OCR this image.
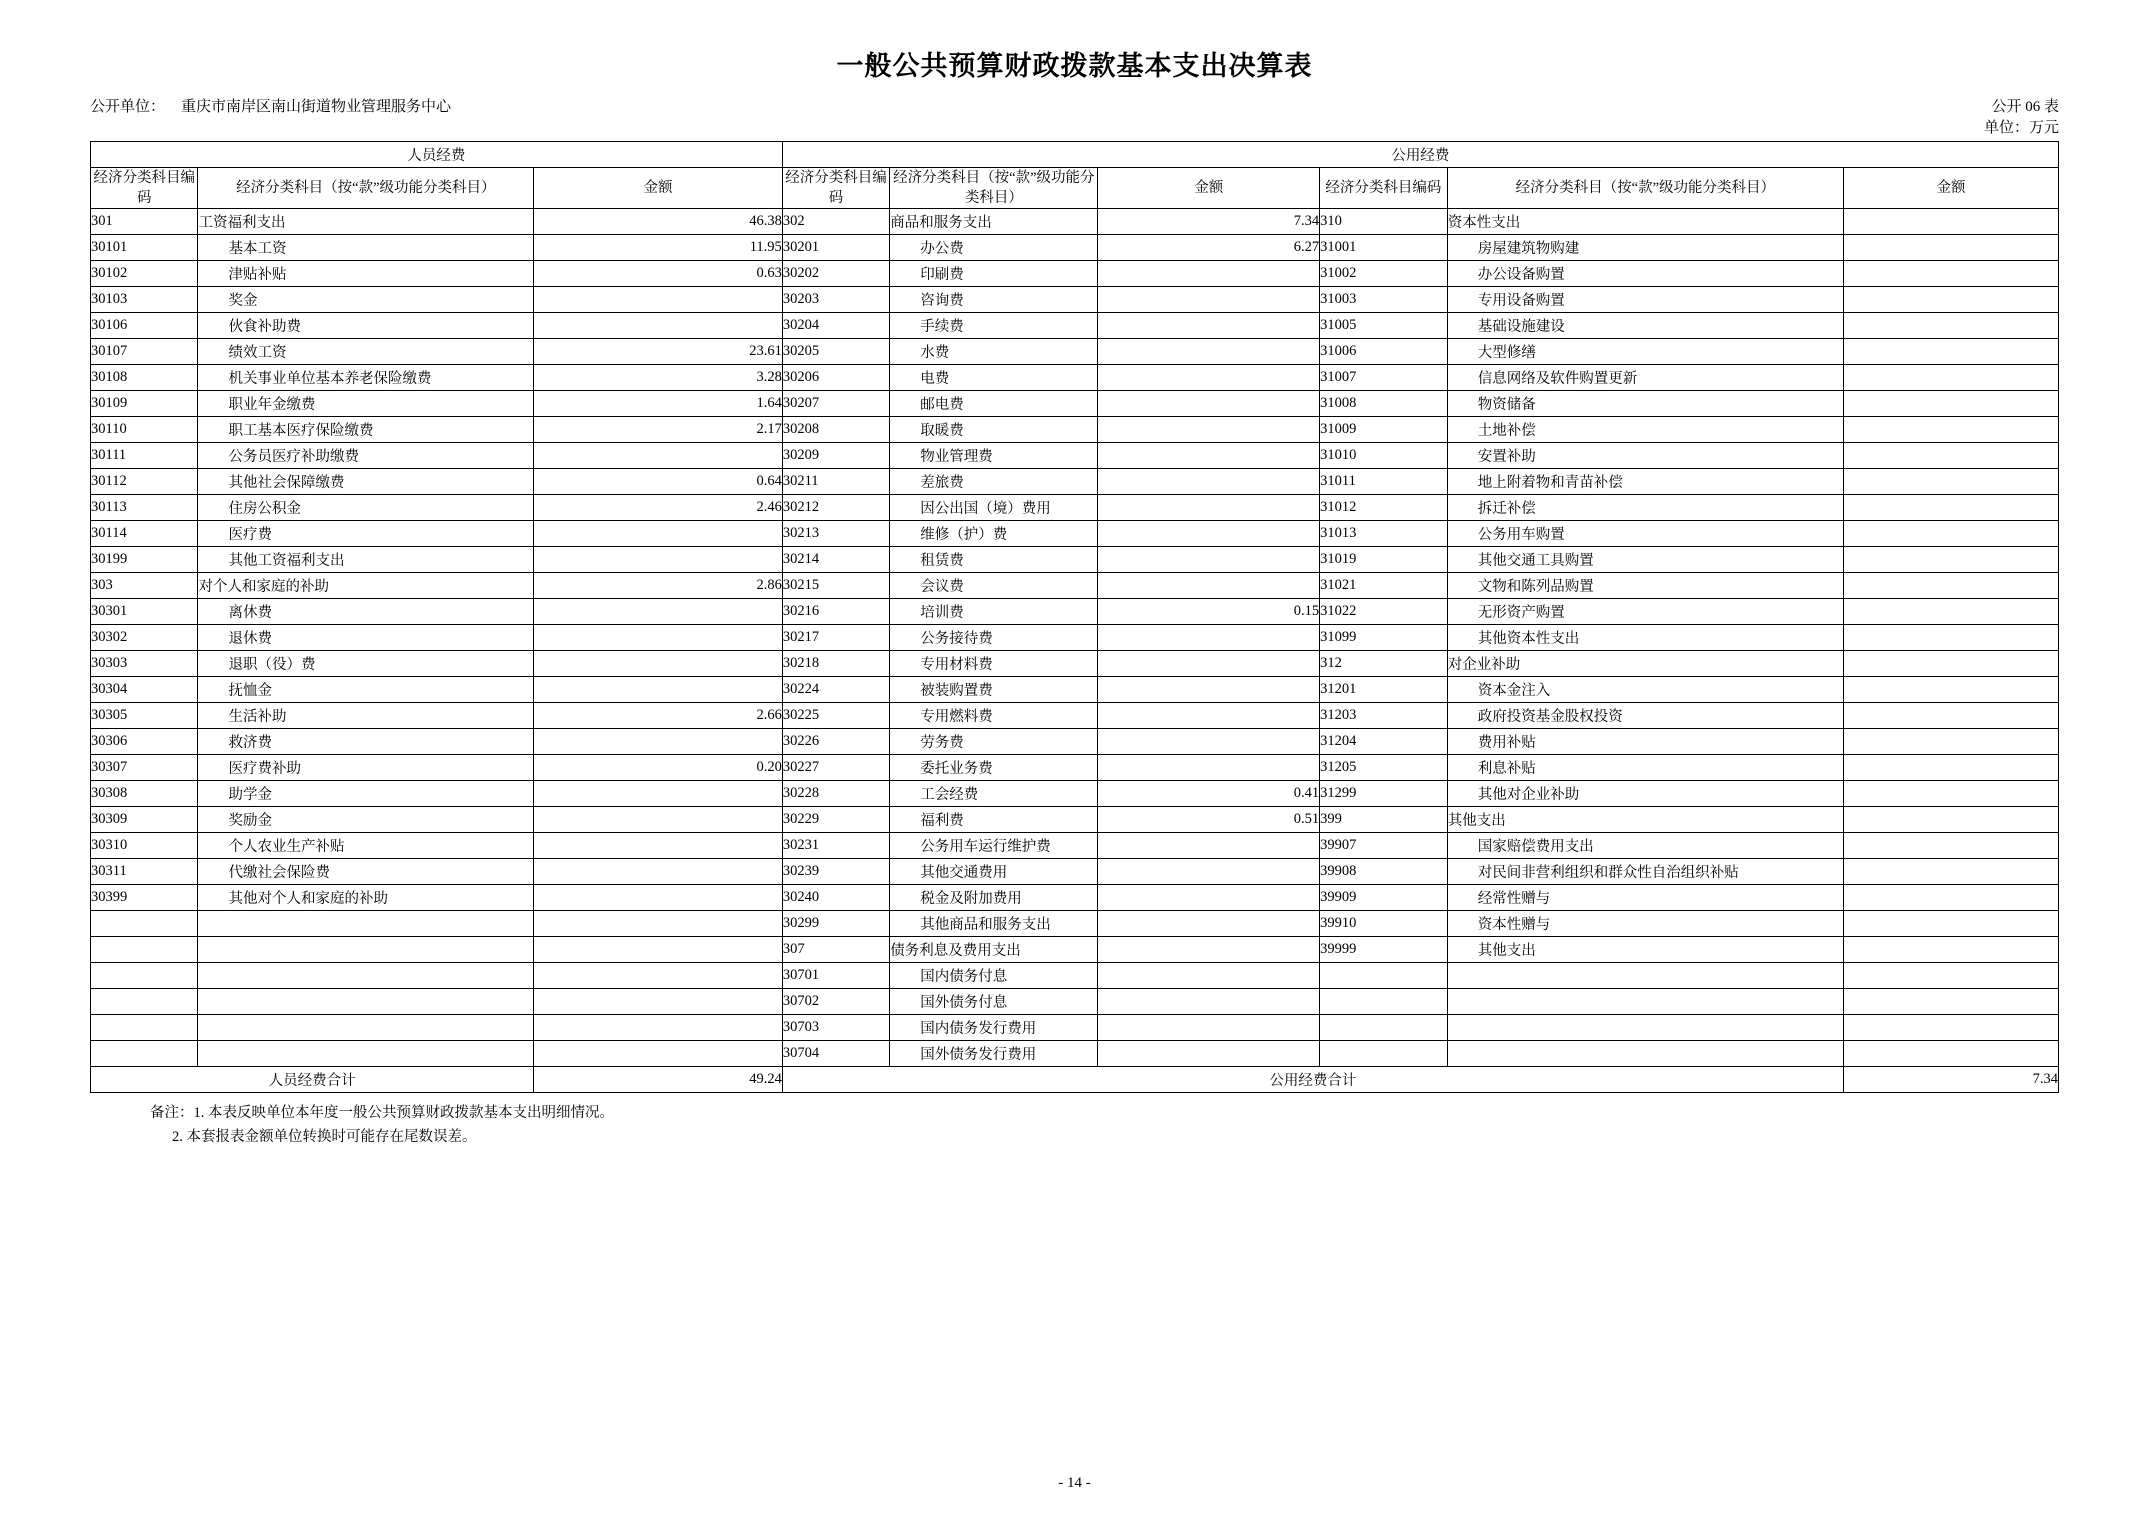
一般公共预算财政拨款基本支出决算表
公开单位： 重庆市南岸区南山街道物业管理服务中心	公开 06 表
单位：万元
人员经费			公用经费					
经济分类科目编码	经济分类科目（按“款”级功能分类科目）	金额	经济分类科目编码	经济分类科目（按“款”级功能分类科目）	金额	经济分类科目编码	经济分类科目（按“款”级功能分类科目）	金额
301	工资福利支出	46.38	302	商品和服务支出	7.34	310	资本性支出	
30101	基本工资	11.95	30201	办公费	6.27	31001	房屋建筑物购建	
30102	津贴补贴	0.63	30202	印刷费		31002	办公设备购置	
30103	奖金		30203	咨询费		31003	专用设备购置	
30106	伙食补助费		30204	手续费		31005	基础设施建设	
30107	绩效工资	23.61	30205	水费		31006	大型修缮	
30108	机关事业单位基本养老保险缴费	3.28	30206	电费		31007	信息网络及软件购置更新	
30109	职业年金缴费	1.64	30207	邮电费		31008	物资储备	
30110	职工基本医疗保险缴费	2.17	30208	取暖费		31009	土地补偿	
30111	公务员医疗补助缴费		30209	物业管理费		31010	安置补助	
30112	其他社会保障缴费	0.64	30211	差旅费		31011	地上附着物和青苗补偿	
30113	住房公积金	2.46	30212	因公出国（境）费用		31012	拆迁补偿	
30114	医疗费		30213	维修（护）费		31013	公务用车购置	
30199	其他工资福利支出		30214	租赁费		31019	其他交通工具购置	
303	对个人和家庭的补助	2.86	30215	会议费		31021	文物和陈列品购置	
30301	离休费		30216	培训费	0.15	31022	无形资产购置	
30302	退休费		30217	公务接待费		31099	其他资本性支出	
30303	退职（役）费		30218	专用材料费		312	对企业补助	
30304	抚恤金		30224	被装购置费		31201	资本金注入	
30305	生活补助	2.66	30225	专用燃料费		31203	政府投资基金股权投资	
30306	救济费		30226	劳务费		31204	费用补贴	
30307	医疗费补助	0.20	30227	委托业务费		31205	利息补贴	
30308	助学金		30228	工会经费	0.41	31299	其他对企业补助	
30309	奖励金		30229	福利费	0.51	399	其他支出	
30310	个人农业生产补贴		30231	公务用车运行维护费		39907	国家赔偿费用支出	
30311	代缴社会保险费		30239	其他交通费用		39908	对民间非营利组织和群众性自治组织补贴	
30399	其他对个人和家庭的补助		30240	税金及附加费用		39909	经常性赠与	
			30299	其他商品和服务支出		39910	资本性赠与	
			307	债务利息及费用支出		39999	其他支出	
			30701	国内债务付息				
			30702	国外债务付息				
			30703	国内债务发行费用				
			30704	国外债务发行费用				
人员经费合计		49.24	公用经费合计					7.34
备注：1. 本表反映单位本年度一般公共预算财政拨款基本支出明细情况。
2. 本套报表金额单位转换时可能存在尾数误差。
- 14 -
